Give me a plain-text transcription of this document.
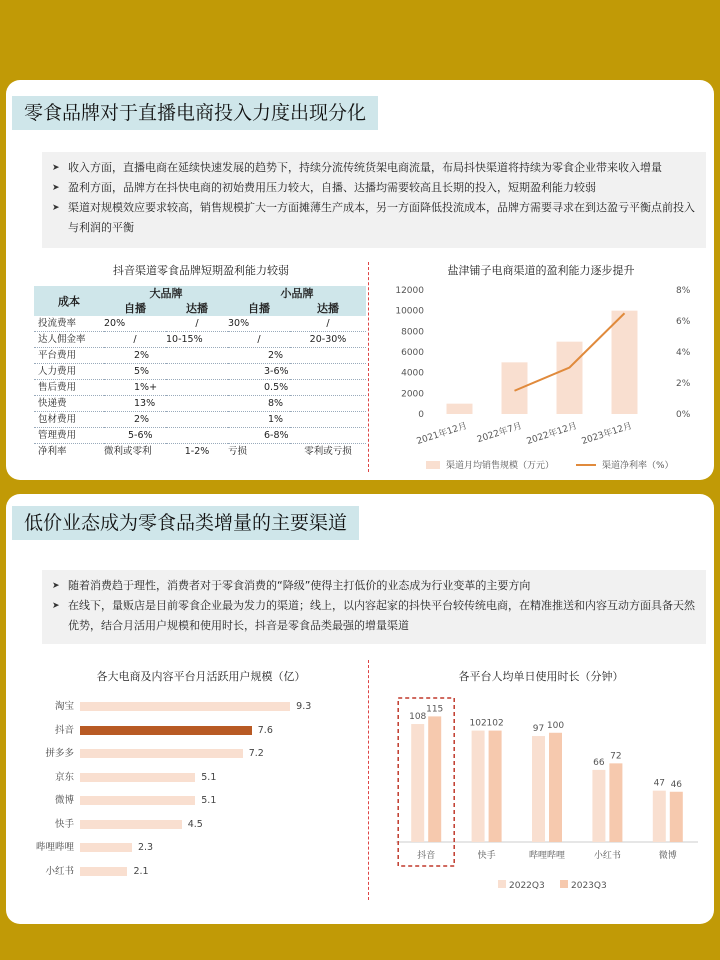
零食品牌对于直播电商投入力度出现分化
➤ 收入方面，直播电商在延续快速发展的趋势下，持续分流传统货架电商流量，布局抖快渠道将持续为零食企业带来收入增量
➤ 盈利方面，品牌方在抖快电商的初始费用压力较大，自播、达播均需要较高且长期的投入，短期盈利能力较弱
➤ 渠道对规模效应要求较高，销售规模扩大一方面摊薄生产成本，另一方面降低投流成本，品牌方需要寻求在到达盈亏平衡点前投入与利润的平衡
抖音渠道零食品牌短期盈利能力较弱
成本	大品牌		小品牌	
	自播	达播	自播	达播
投流费率	20%	/	30%	/
达人佣金率	/	10-15%	/	20-30%
平台费用	2%		2%	
人力费用	5%		3-6%	
售后费用	1%+		0.5%	
快递费	13%		8%	
包材费用	2%		1%	
管理费用	5-6%		6-8%	
净利率	微利或零利	1-2%	亏损	零利或亏损
盐津铺子电商渠道的盈利能力逐步提升
0
2000
4000
6000
8000
10000
12000
0%
2%
4%
6%
8%
2021年12月 2022年7月 2022年12月 2023年12月
渠道月均销售规模（万元）	渠道净利率（%）
低价业态成为零食品类增量的主要渠道
➤ 随着消费趋于理性，消费者对于零食消费的“降级”使得主打低价的业态成为行业变革的主要方向
➤ 在线下，量贩店是目前零食企业最为发力的渠道；线上，以内容起家的抖快平台较传统电商，在精准推送和内容互动方面具备天然优势，结合月活用户规模和使用时长，抖音是零食品类最强的增量渠道
各大电商及内容平台月活跃用户规模（亿）
淘宝	9.3
抖音	7.6
拼多多	7.2
京东	5.1
微博	5.1
快手	4.5
哔哩哔哩	2.3
小红书	2.1
各平台人均单日使用时长（分钟）
108
115
抖音
102 102
快手
97 100
哔哩哔哩
66
72
小红书
47 46
微博
2022Q3	2023Q3
